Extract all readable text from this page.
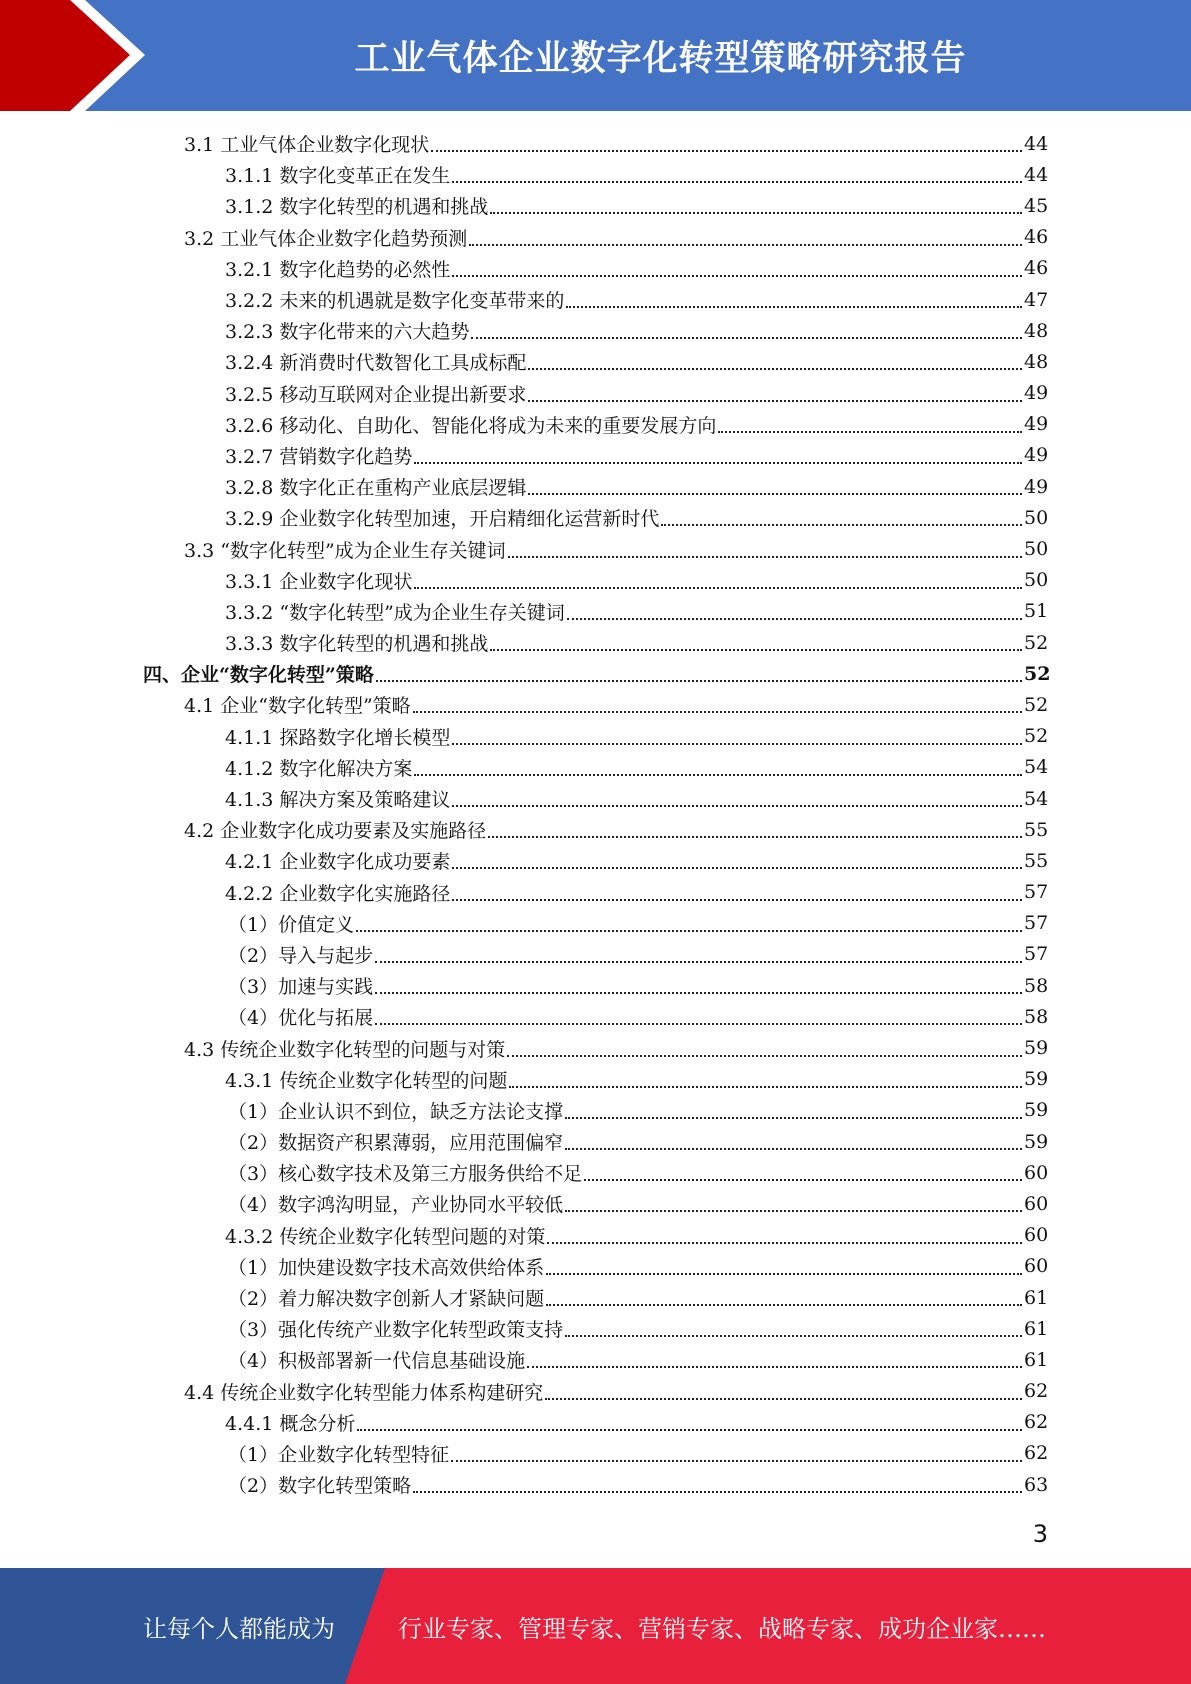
工业气体企业数字化转型策略研究报告
3.1 工业气体企业数字化现状	44
3.1.1 数字化变革正在发生	44
3.1.2 数字化转型的机遇和挑战	45
3.2 工业气体企业数字化趋势预测	46
3.2.1 数字化趋势的必然性	46
3.2.2 未来的机遇就是数字化变革带来的	47
3.2.3 数字化带来的六大趋势	48
3.2.4 新消费时代数智化工具成标配	48
3.2.5 移动互联网对企业提出新要求	49
3.2.6 移动化、自助化、智能化将成为未来的重要发展方向	49
3.2.7 营销数字化趋势	49
3.2.8 数字化正在重构产业底层逻辑	49
3.2.9 企业数字化转型加速，开启精细化运营新时代	50
3.3 “数字化转型”成为企业生存关键词	50
3.3.1 企业数字化现状	50
3.3.2 “数字化转型”成为企业生存关键词	51
3.3.3 数字化转型的机遇和挑战	52
四、企业“数字化转型”策略	52
4.1 企业“数字化转型”策略	52
4.1.1 探路数字化增长模型	52
4.1.2 数字化解决方案	54
4.1.3 解决方案及策略建议	54
4.2 企业数字化成功要素及实施路径	55
4.2.1 企业数字化成功要素	55
4.2.2 企业数字化实施路径	57
（1）价值定义	57
（2）导入与起步	57
（3）加速与实践	58
（4）优化与拓展	58
4.3 传统企业数字化转型的问题与对策	59
4.3.1 传统企业数字化转型的问题	59
（1）企业认识不到位，缺乏方法论支撑	59
（2）数据资产积累薄弱，应用范围偏窄	59
（3）核心数字技术及第三方服务供给不足	60
（4）数字鸿沟明显，产业协同水平较低	60
4.3.2 传统企业数字化转型问题的对策	60
（1）加快建设数字技术高效供给体系	60
（2）着力解决数字创新人才紧缺问题	61
（3）强化传统产业数字化转型政策支持	61
（4）积极部署新一代信息基础设施	61
4.4 传统企业数字化转型能力体系构建研究	62
4.4.1 概念分析	62
（1）企业数字化转型特征	62
（2）数字化转型策略	63
3
让每个人都能成为	行业专家、管理专家、营销专家、战略专家、成功企业家……
